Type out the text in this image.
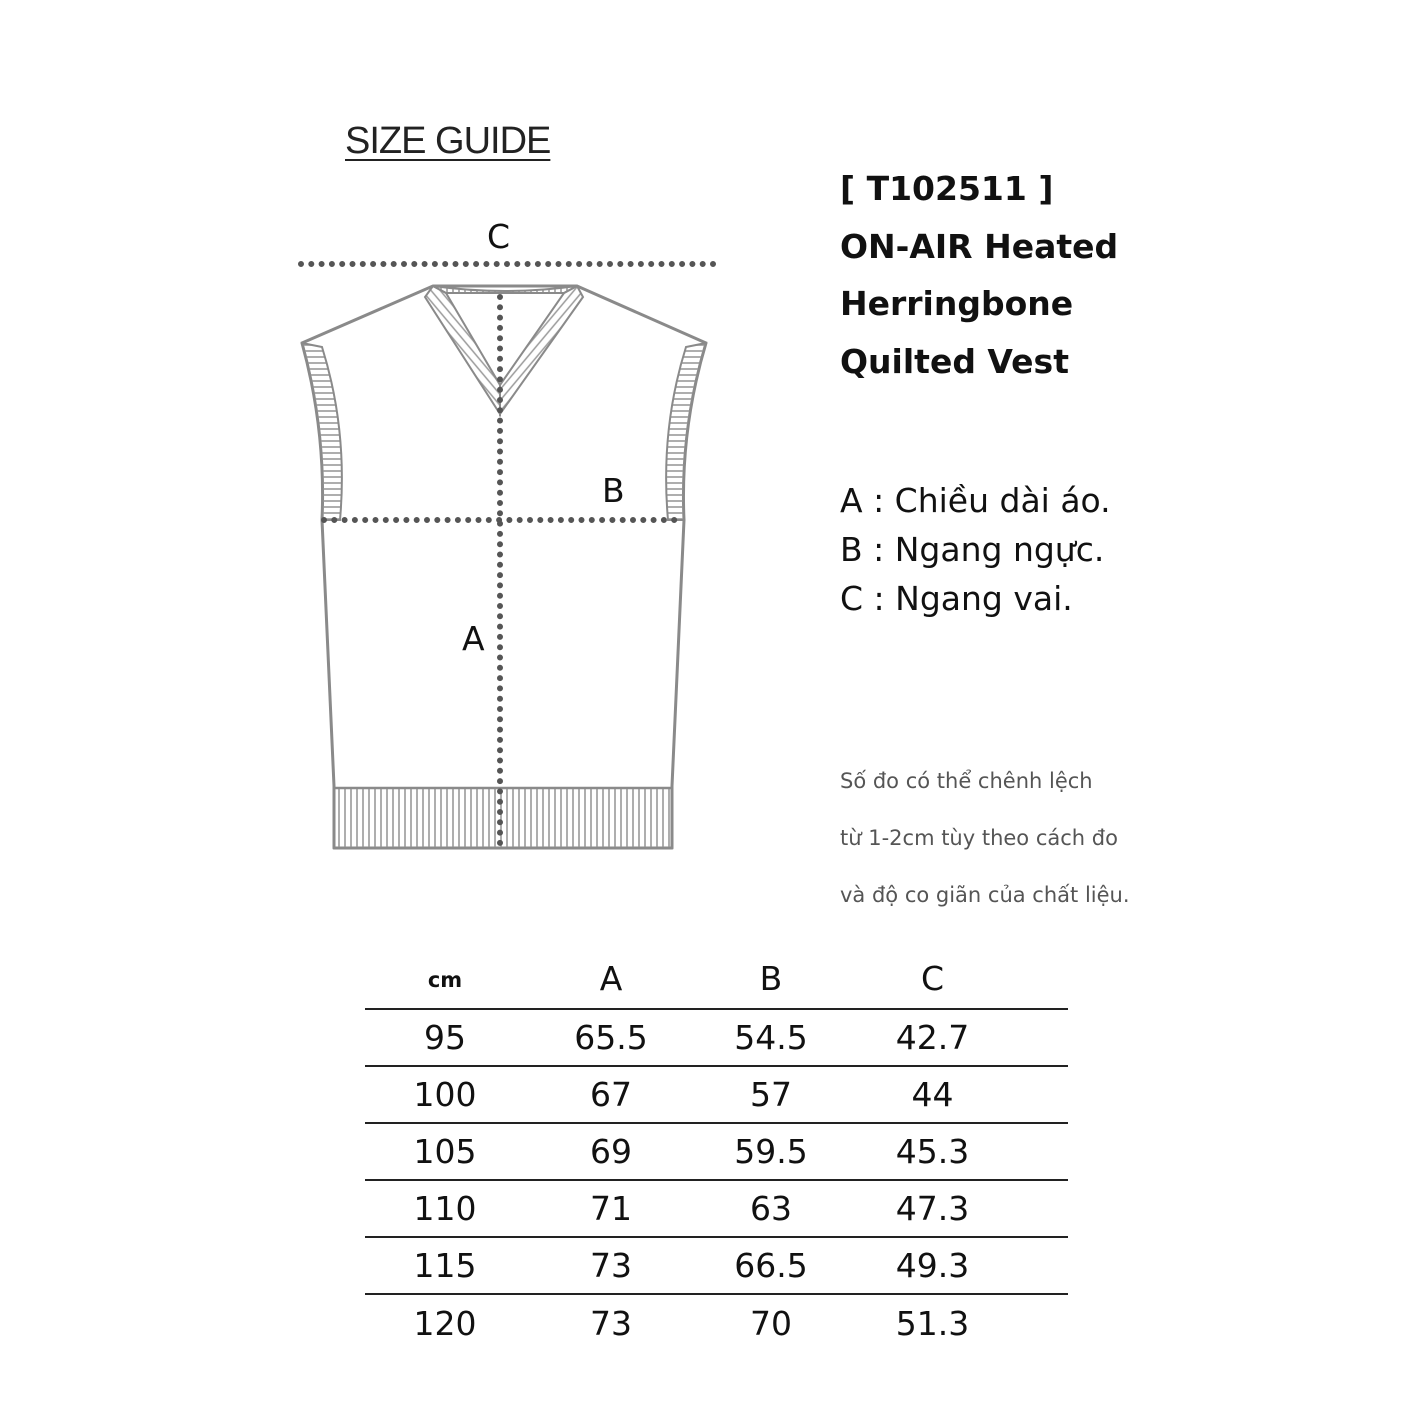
SIZE GUIDE
C
B
A
[ T102511 ]
ON-AIR Heated
Herringbone
Quilted Vest
A : Chiều dài áo.
B : Ngang ngực.
C : Ngang vai.
Số đo có thể chênh lệch
từ 1-2cm tùy theo cách đo
và độ co giãn của chất liệu.
cm	A	B	C	
95	65.5	54.5	42.7	
100	67	57	44	
105	69	59.5	45.3	
110	71	63	47.3	
115	73	66.5	49.3	
120	73	70	51.3	
